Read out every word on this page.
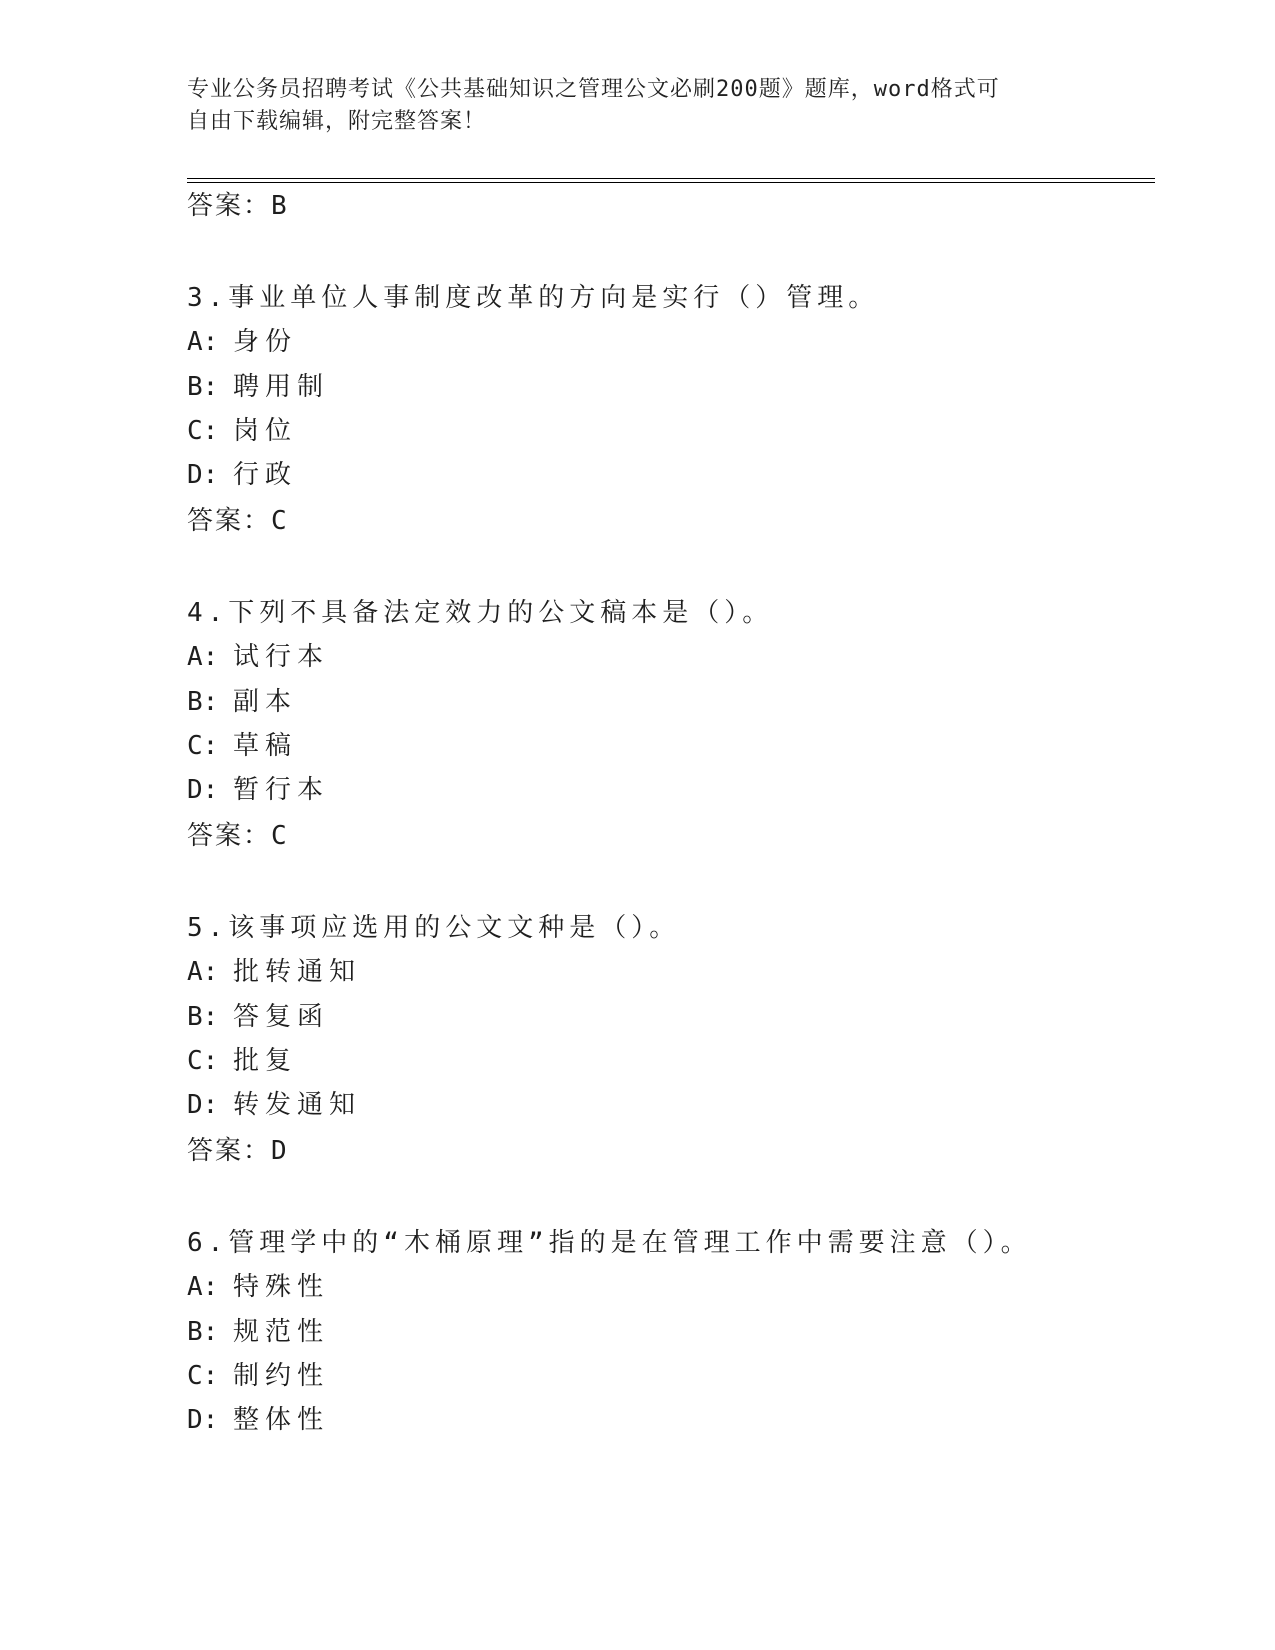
专业公务员招聘考试《公共基础知识之管理公文必刷200题》题库，word格式可
自由下载编辑，附完整答案！
答案：B
3.事业单位人事制度改革的方向是实行（）管理。
A: 身份
B: 聘用制
C: 岗位
D: 行政
答案：C
4.下列不具备法定效力的公文稿本是（）。
A: 试行本
B: 副本
C: 草稿
D: 暂行本
答案：C
5.该事项应选用的公文文种是（）。
A: 批转通知
B: 答复函
C: 批复
D: 转发通知
答案：D
6.管理学中的“木桶原理”指的是在管理工作中需要注意（）。
A: 特殊性
B: 规范性
C: 制约性
D: 整体性
